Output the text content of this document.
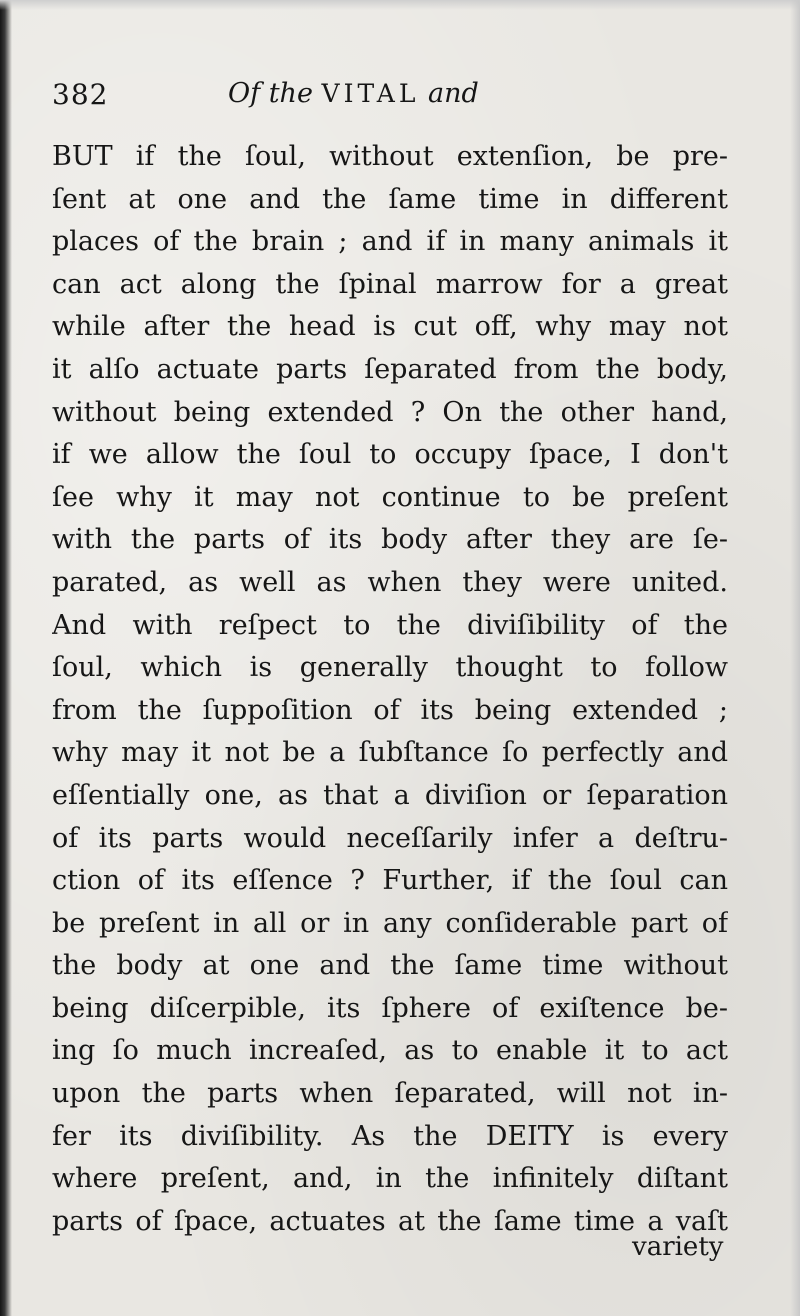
382	Of the VITAL and
BUT if the ſoul, without extenſion, be pre-
ſent at one and the ſame time in different
places of the brain ; and if in many animals it
can act along the ſpinal marrow for a great
while after the head is cut off, why may not
it alſo actuate parts ſeparated from the body,
without being extended ? On the other hand,
if we allow the ſoul to occupy ſpace, I don't
ſee why it may not continue to be preſent
with the parts of its body after they are ſe-
parated, as well as when they were united.
And with reſpect to the diviſibility of the
ſoul, which is generally thought to follow
from the ſuppoſition of its being extended ;
why may it not be a ſubſtance ſo perfectly and
eſſentially one, as that a diviſion or ſeparation
of its parts would neceſſarily infer a deſtru-
ction of its eſſence ? Further, if the ſoul can
be preſent in all or in any conſiderable part of
the body at one and the ſame time without
being diſcerpible, its ſphere of exiſtence be-
ing ſo much increaſed, as to enable it to act
upon the parts when ſeparated, will not in-
fer its diviſibility. As the DEITY is every
where preſent, and, in the infinitely diſtant
parts of ſpace, actuates at the ſame time a vaſt
variety
